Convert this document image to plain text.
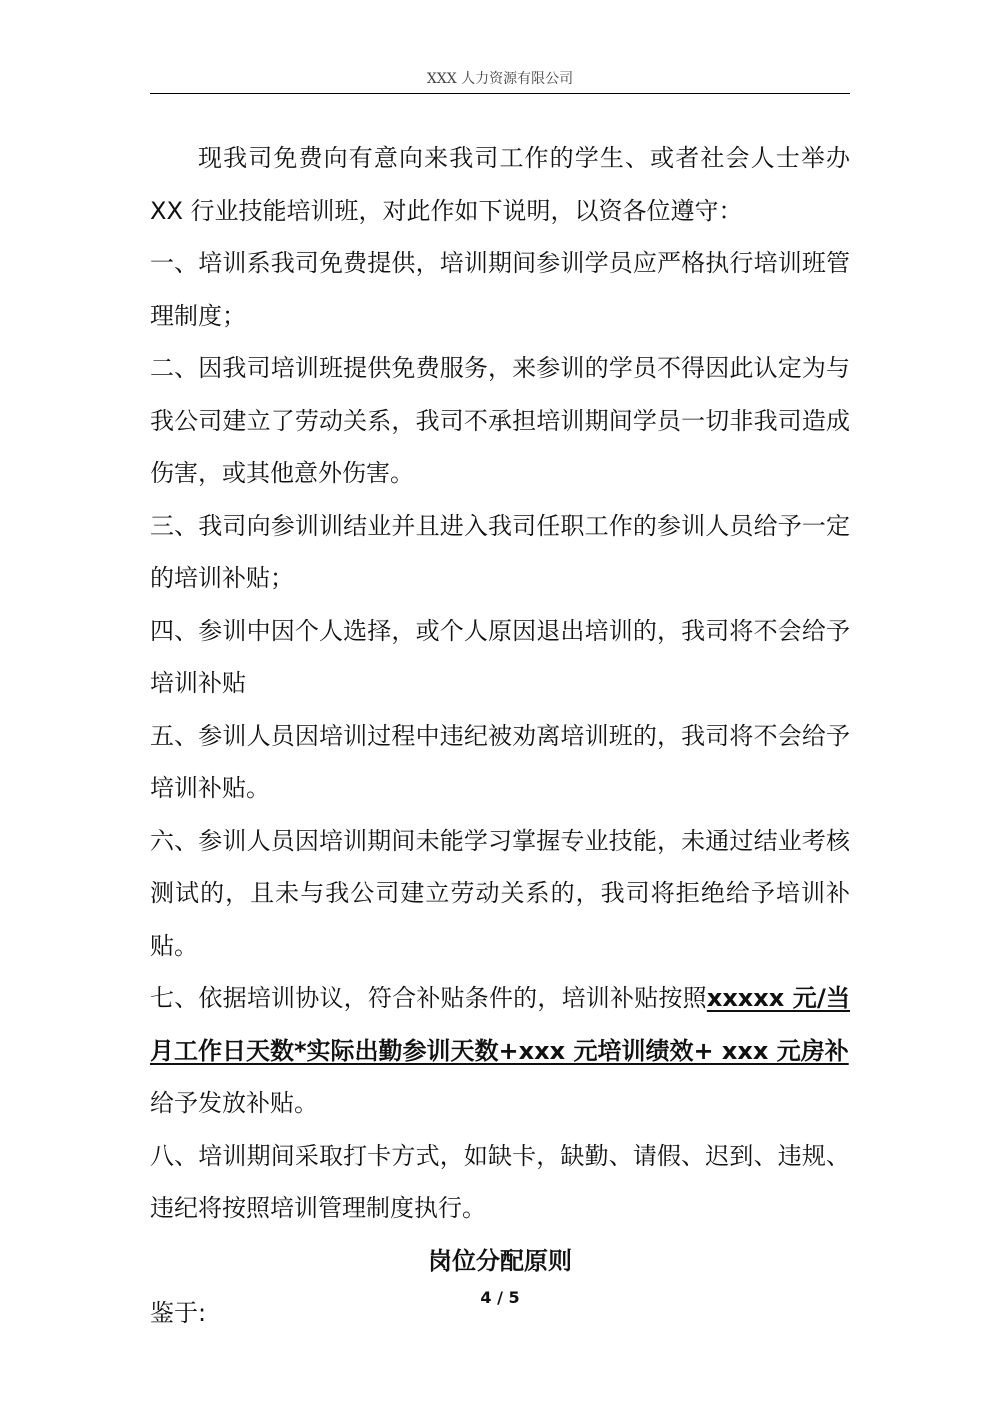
XXX 人力资源有限公司

现我司免费向有意向来我司工作的学生、或者社会人士举办 XX 行业技能培训班，对此作如下说明，以资各位遵守：

一、培训系我司免费提供，培训期间参训学员应严格执行培训班管理制度；

二、因我司培训班提供免费服务，来参训的学员不得因此认定为与我公司建立了劳动关系，我司不承担培训期间学员一切非我司造成伤害，或其他意外伤害。

三、我司向参训训结业并且进入我司任职工作的参训人员给予一定的培训补贴；

四、参训中因个人选择，或个人原因退出培训的，我司将不会给予培训补贴

五、参训人员因培训过程中违纪被劝离培训班的，我司将不会给予培训补贴。

六、参训人员因培训期间未能学习掌握专业技能，未通过结业考核测试的，且未与我公司建立劳动关系的，我司将拒绝给予培训补贴。

七、依据培训协议，符合补贴条件的，培训补贴按照xxxxx 元/当月工作日天数*实际出勤参训天数+xxx 元培训绩效+ xxx 元房补
给予发放补贴。

八、培训期间采取打卡方式，如缺卡，缺勤、请假、迟到、违规、违纪将按照培训管理制度执行。

岗位分配原则

鉴于:

4 / 5
